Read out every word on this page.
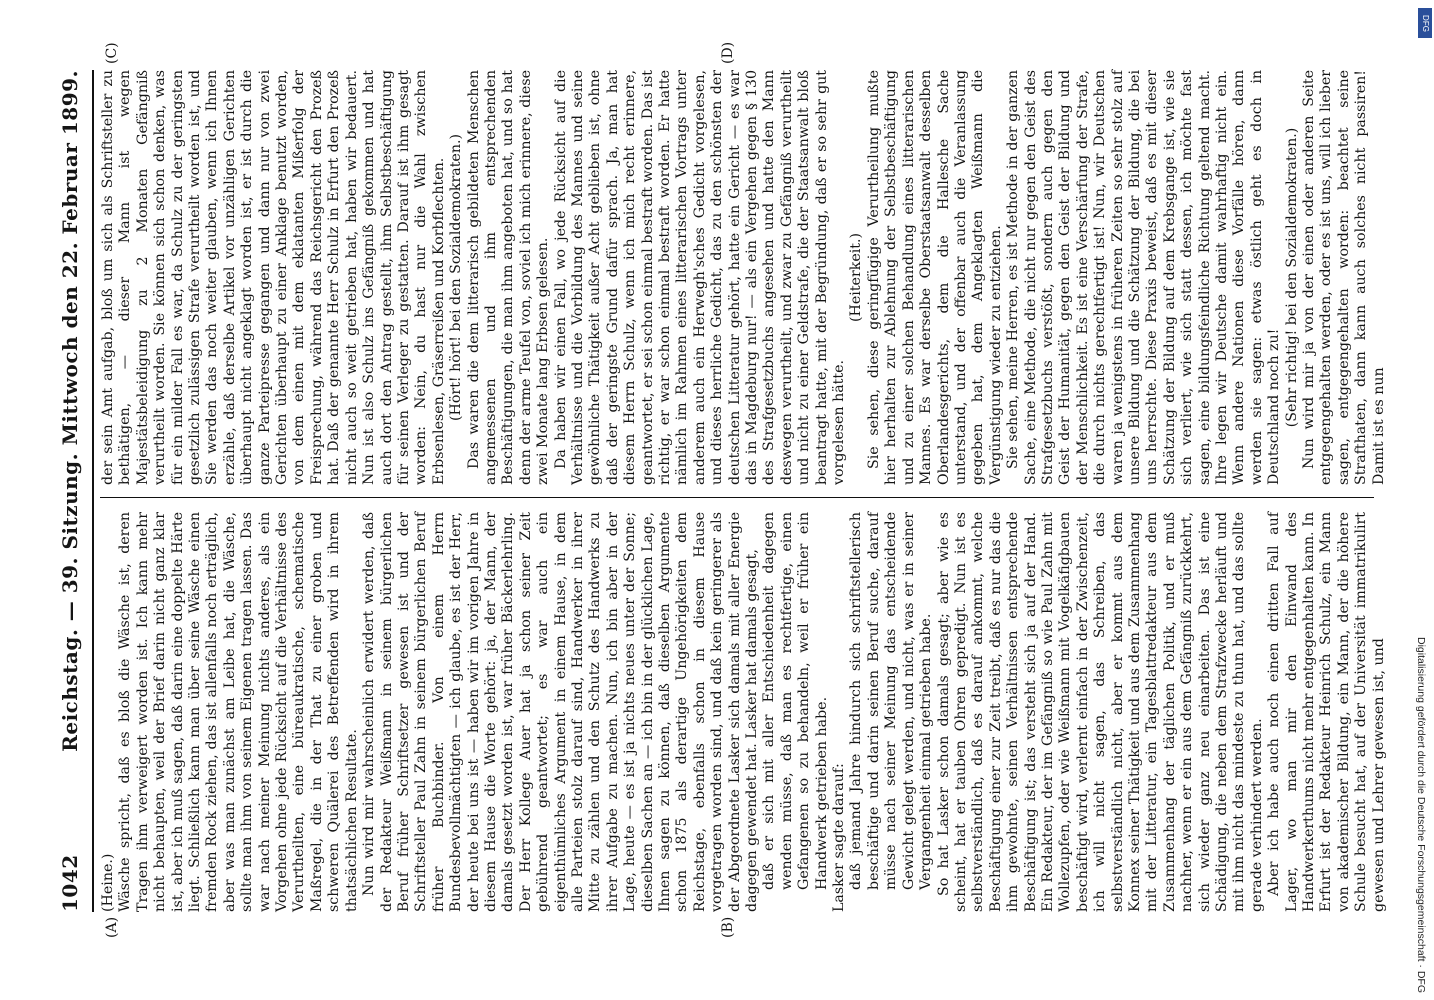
1042
Reichstag. — 39. Sitzung. Mittwoch den 22. Februar 1899.
(A)	(B)
(C)	(D)

(Heine.) Wäsche spricht, daß es bloß die Wäsche ist, deren Tragen ihm verweigert worden ist. Ich kann mehr nicht behaupten, weil der Brief darin nicht ganz klar ist, aber ich muß sagen, daß darin eine doppelte Härte liegt. Schließlich kann man über seine Wäsche einen fremden Rock ziehen, das ist allenfalls noch erträglich, aber was man zunächst am Leibe hat, die Wäsche, sollte man ihm von seinem Eigenen tragen lassen. Das war nach meiner Meinung nichts anderes, als ein Vorgehen ohne jede Rücksicht auf die Verhältnisse des Verurtheilten, eine büreaukratische, schematische Maßregel, die in der That zu einer groben und schweren Quälerei des Betreffenden wird in ihrem thatsächlichen Resultate. Nun wird mir wahrscheinlich erwidert werden, daß der Redakteur Weißmann in seinem bürgerlichen Beruf früher Schriftsetzer gewesen ist und der Schriftsteller Paul Zahn in seinem bürgerlichen Beruf früher Buchbinder. Von einem Herrn Bundesbevollmächtigten — ich glaube, es ist der Herr, der heute bei uns ist — haben wir im vorigen Jahre in diesem Hause die Worte gehört: ja, der Mann, der damals gesetzt worden ist, war früher Bäckerlehrling. Der Herr Kollege Auer hat ja schon seiner Zeit gebührend geantwortet; es war auch ein eigenthümliches Argument in einem Hause, in dem alle Parteien stolz darauf sind, Handwerker in ihrer Mitte zu zählen und den Schutz des Handwerks zu ihrer Aufgabe zu machen. Nun, ich bin aber in der Lage, heute — es ist ja nichts neues unter der Sonne; dieselben Sachen an — ich bin in der glücklichen Lage, Ihnen sagen zu können, daß dieselben Argumente schon 1875 als derartige Ungehörigkeiten dem Reichstage, ebenfalls schon in diesem Hause vorgetragen worden sind, und daß kein geringerer als der Abgeordnete Lasker sich damals mit aller Energie dagegen gewendet hat. Lasker hat damals gesagt, daß er sich mit aller Entschiedenheit dagegen wenden müsse, daß man es rechtfertige, einen Gefangenen so zu behandeln, weil er früher ein Handwerk getrieben habe. Lasker sagte darauf: daß jemand Jahre hindurch sich schriftstellerisch beschäftige und darin seinen Beruf suche, darauf müsse nach seiner Meinung das entscheidende Gewicht gelegt werden, und nicht, was er in seiner Vergangenheit einmal getrieben habe. So hat Lasker schon damals gesagt; aber wie es scheint, hat er tauben Ohren gepredigt. Nun ist es selbstverständlich, daß es darauf ankommt, welche Beschäftigung einer zur Zeit treibt, daß es nur das die ihm gewohnte, seinen Verhältnissen entsprechende Beschäftigung ist; das versteht sich ja auf der Hand. Ein Redakteur, der im Gefängniß so wie Paul Zahn mit Wollezupfen, oder wie Weißmann mit Vogelkäfigbauen beschäftigt wird, verlernt einfach in der Zwischenzeit, ich will nicht sagen, das Schreiben, das selbstverständlich nicht, aber er kommt aus dem Konnex seiner Thätigkeit und aus dem Zusammenhang mit der Litteratur, ein Tagesblattredakteur aus dem Zusammenhang der täglichen Politik, und er muß nachher, wenn er ein aus dem Gefängniß zurückkehrt, sich wieder ganz neu einarbeiten. Das ist eine Schädigung, die neben dem Strafzwecke herläuft und mit ihm nicht das mindeste zu thun hat, und das sollte gerade verhindert werden. Aber ich habe auch noch einen dritten Fall auf Lager, wo man mir den Einwand des Handwerkerthums nicht mehr entgegenhalten kann. In Erfurt ist der Redakteur Heinrich Schulz, ein Mann von akademischer Bildung, ein Mann, der die höhere Schule besucht hat, auf der Universität immatrikulirt gewesen und Lehrer gewesen ist, und

der sein Amt aufgab, bloß um sich als Schriftsteller zu bethätigen, — dieser Mann ist wegen Majestätsbeleidigung zu 2 Monaten Gefängniß verurtheilt worden. Sie können sich schon denken, was für ein milder Fall es war, da Schulz zu der geringsten gesetzlich zulässigen Strafe verurtheilt worden ist, und Sie werden das noch weiter glauben, wenn ich Ihnen erzähle, daß derselbe Artikel vor unzähligen Gerichten überhaupt nicht angeklagt worden ist, er ist durch die ganze Parteipresse gegangen und dann nur von zwei Gerichten überhaupt zu einer Anklage benutzt worden, von dem einen mit dem eklatanten Mißerfolg der Freisprechung, während das Reichsgericht den Prozeß hat. Daß der genannte Herr Schulz in Erfurt den Prozeß nicht auch so weit getrieben hat, haben wir bedauert. Nun ist also Schulz ins Gefängniß gekommen und hat auch dort den Antrag gestellt, ihm Selbstbeschäftigung für seinen Verleger zu gestatten. Darauf ist ihm gesagt worden: Nein, du hast nur die Wahl zwischen Erbsenlesen, Gräserreißen und Korbflechten. (Hört! hört! bei den Sozialdemokraten.) Das waren die dem litterarisch gebildeten Menschen angemessenen und ihm entsprechenden Beschäftigungen, die man ihm angeboten hat, und so hat denn der arme Teufel von, soviel ich mich erinnere, diese zwei Monate lang Erbsen gelesen. Da haben wir einen Fall, wo jede Rücksicht auf die Verhältnisse und die Vorbildung des Mannes und seine gewöhnliche Thätigkeit außer Acht geblieben ist, ohne daß der geringste Grund dafür sprach. Ja, man hat diesem Herrn Schulz, wenn ich mich recht erinnere, geantwortet, er sei schon einmal bestraft worden. Das ist richtig, er war schon einmal bestraft worden. Er hatte nämlich im Rahmen eines litterarischen Vortrags unter anderem auch ein Herwegh'sches Gedicht vorgelesen, und dieses herrliche Gedicht, das zu den schönsten der deutschen Litteratur gehört, hatte ein Gericht — es war das in Magdeburg nur! — als ein Vergehen gegen § 130 des Strafgesetzbuchs angesehen und hatte den Mann deswegen verurtheilt, und zwar zu Gefängniß verurtheilt und nicht zu einer Geldstrafe, die der Staatsanwalt bloß beantragt hatte, mit der Begründung, daß er so sehr gut vorgelesen hätte.

(Heiterkeit.) Sie sehen, diese geringfügige Verurtheilung mußte hier herhalten zur Ablehnung der Selbstbeschäftigung und zu einer solchen Behandlung eines litterarischen Mannes. Es war derselbe Oberstaatsanwalt desselben Oberlandesgerichts, dem die Hallesche Sache unterstand, und der offenbar auch die Veranlassung gegeben hat, dem Angeklagten Weißmann die Vergünstigung wieder zu entziehen. Sie sehen, meine Herren, es ist Methode in der ganzen Sache, eine Methode, die nicht nur gegen den Geist des Strafgesetzbuchs verstößt, sondern auch gegen den Geist der Humanität, gegen den Geist der Bildung und der Menschlichkeit. Es ist eine Verschärfung der Strafe, die durch nichts gerechtfertigt ist! Nun, wir Deutschen waren ja wenigstens in früheren Zeiten so sehr stolz auf unsere Bildung und die Schätzung der Bildung, die bei uns herrschte. Diese Praxis beweist, daß es mit dieser Schätzung der Bildung auf dem Krebsgange ist, wie sie sich verliert, wie sich statt dessen, ich möchte fast sagen, eine bildungsfeindliche Richtung geltend macht. Ihre legen wir Deutsche damit wahrhaftig nicht ein. Wenn andere Nationen diese Vorfälle hören, dann werden sie sagen: etwas östlich geht es doch in Deutschland noch zu! (Sehr richtig! bei den Sozialdemokraten.) Nun wird mir ja von der einen oder anderen Seite entgegengehalten werden, oder es ist uns, will ich lieber sagen, entgegengehalten worden: beachtet seine Strafthaten, dann kann auch solches nicht passiren! Damit ist es nun

Digitalisierung gefördert durch die Deutsche Forschungsgemeinschaft · DFG
DFG
